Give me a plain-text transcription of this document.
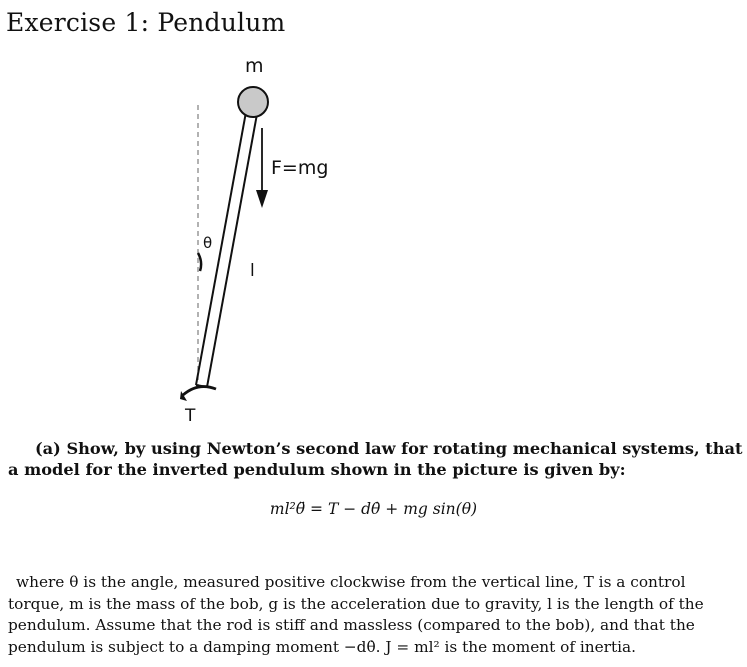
Exercise 1: Pendulum
m
F=mg
θ
l
T
(a) Show, by using Newton’s second law for rotating mechanical systems, that
a model for the inverted pendulum shown in the picture is given by:
ml²θ̈ = T − dθ̇ + mg sin(θ)
where θ is the angle, measured positive clockwise from the vertical line, T is a control
torque, m is the mass of the bob, g is the acceleration due to gravity, l is the length of the
pendulum. Assume that the rod is stiff and massless (compared to the bob), and that the
pendulum is subject to a damping moment −dθ̇. J = ml² is the moment of inertia.
